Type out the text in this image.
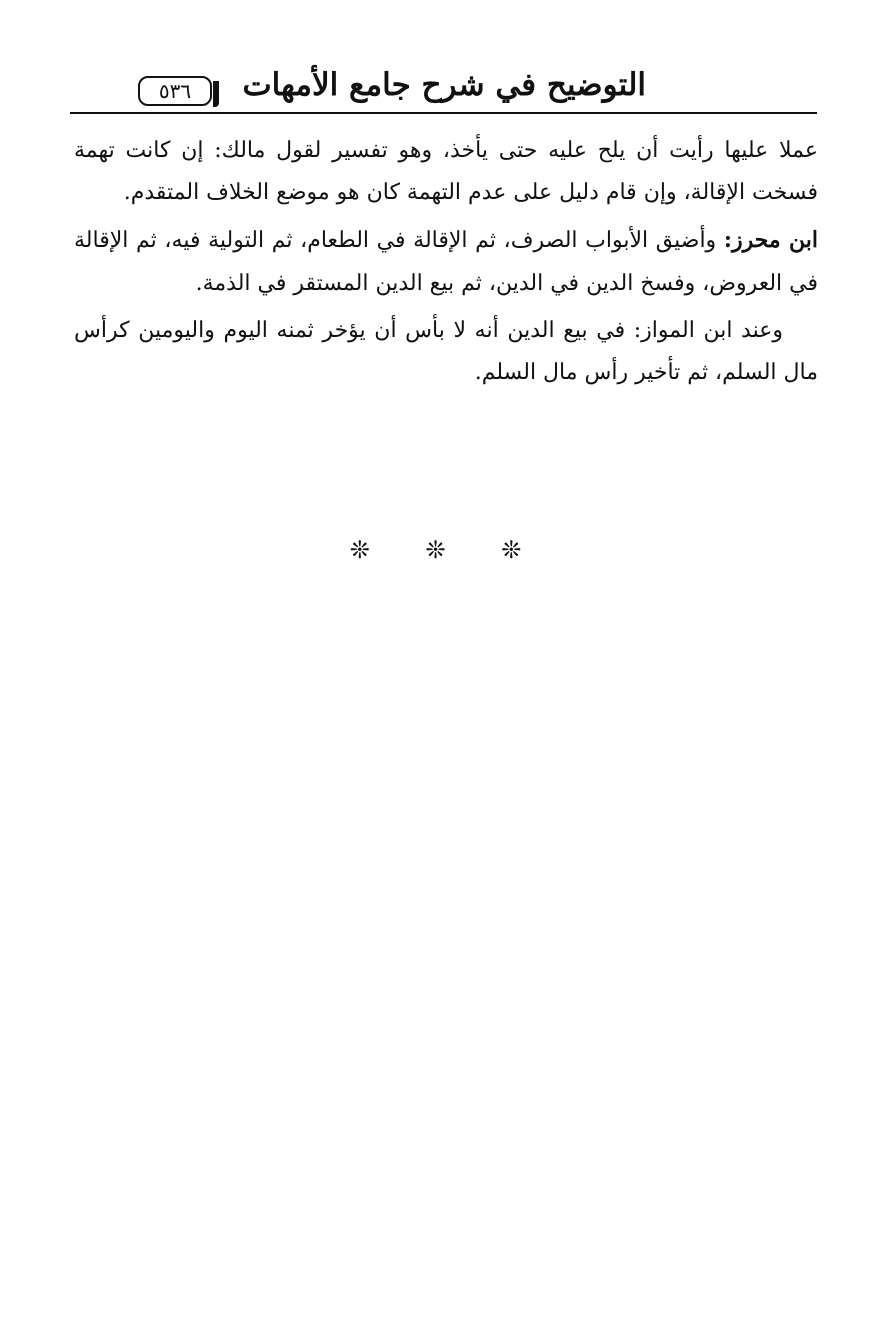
٥٣٦	التوضيح في شرح جامع الأمهات

عملا عليها رأيت أن يلح عليه حتى يأخذ، وهو تفسير لقول مالك: إن كانت تهمة فسخت الإقالة، وإن قام دليل على عدم التهمة كان هو موضع الخلاف المتقدم.

ابن محرز: وأضيق الأبواب الصرف، ثم الإقالة في الطعام، ثم التولية فيه، ثم الإقالة في العروض، وفسخ الدين في الدين، ثم بيع الدين المستقر في الذمة.

وعند ابن المواز: في بيع الدين أنه لا بأس أن يؤخر ثمنه اليوم واليومين كرأس مال السلم، ثم تأخير رأس مال السلم.

❊ ❊ ❊
